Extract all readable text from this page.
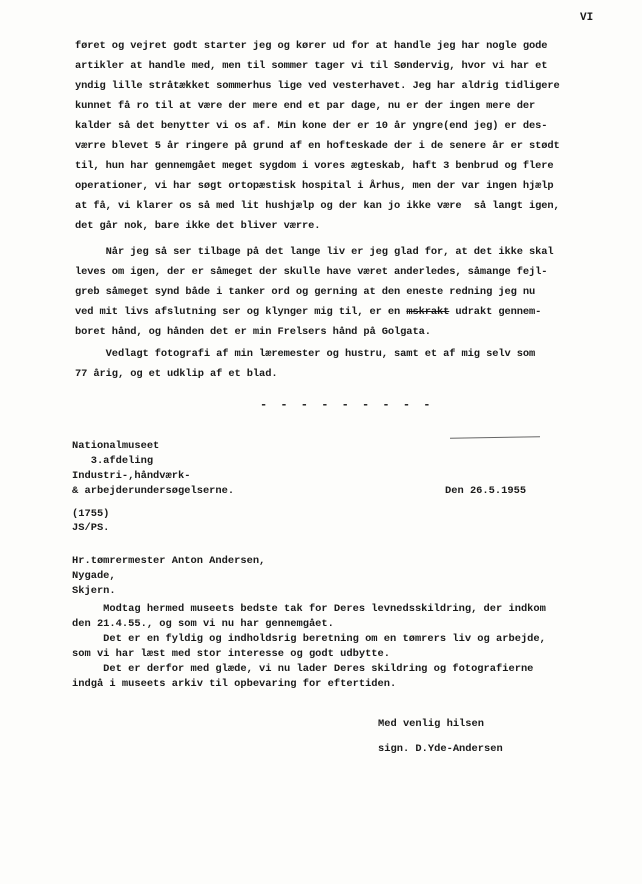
VI
føret og vejret godt starter jeg og kører ud for at handle jeg har nogle gode
artikler at handle med, men til sommer tager vi til Søndervig, hvor vi har et
yndig lille stråtækket sommerhus lige ved vesterhavet. Jeg har aldrig tidligere
kunnet få ro til at være der mere end et par dage, nu er der ingen mere der
kalder så det benytter vi os af. Min kone der er 10 år yngre(end jeg) er des-
værre blevet 5 år ringere på grund af en hofteskade der i de senere år er stødt
til, hun har gennemgået meget sygdom i vores ægteskab, haft 3 benbrud og flere
operationer, vi har søgt ortopæstisk hospital i Århus, men der var ingen hjælp
at få, vi klarer os så med lit hushjælp og der kan jo ikke være  så langt igen,
det går nok, bare ikke det bliver værre.
Når jeg så ser tilbage på det lange liv er jeg glad for, at det ikke skal
leves om igen, der er såmeget der skulle have været anderledes, såmange fejl-
greb såmeget synd både i tanker ord og gerning at den eneste redning jeg nu
ved mit livs afslutning ser og klynger mig til, er en mskrakt udrakt gennem-
boret hånd, og hånden det er min Frelsers hånd på Golgata.
Vedlagt fotografi af min læremester og hustru, samt et af mig selv som
77 årig, og et udklip af et blad.
- - - - - - - - -
Nationalmuseet
3.afdeling
Industri-,håndværk-
& arbejderundersøgelserne.	Den 26.5.1955
(1755)
JS/PS.
Hr.tømrermester Anton Andersen,
Nygade,
Skjern.
Modtag hermed museets bedste tak for Deres levnedsskildring, der indkom
den 21.4.55., og som vi nu har gennemgået.
Det er en fyldig og indholdsrig beretning om en tømrers liv og arbejde,
som vi har læst med stor interesse og godt udbytte.
Det er derfor med glæde, vi nu lader Deres skildring og fotografierne
indgå i museets arkiv til opbevaring for eftertiden.
Med venlig hilsen
sign. D.Yde-Andersen
